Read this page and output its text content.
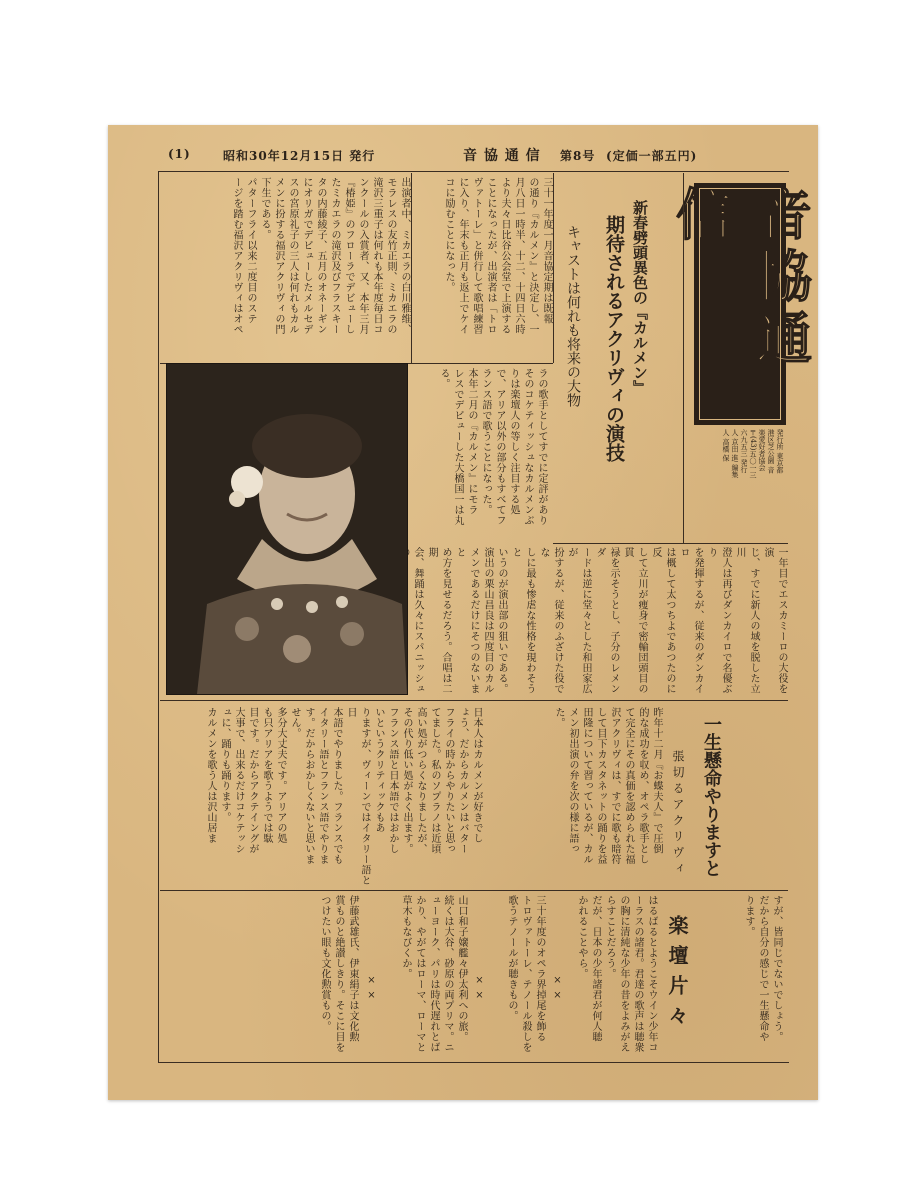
(1)	昭和30年12月15日 発行	音 協 通 信 第8号 (定価一部五円)
音協通信
発行所 東京都港区芝公園 音楽愛好者協会 〒(43)五〇一三 六九五三 発行人 京田 進 編集人 高橋 保
新春劈頭異色の『カルメン』
期待されるアクリヴィの演技
キャストは何れも将来の大物
三十一年度一月音協定期は既報
の通り『カルメン』と決定し、一
月八日一時半、十二、十四日六時
より夫々日比谷公会堂で上演する
ことになったが、出演者は「トロ
ヴァトーレ」と併行して歌唱練習
に入り、年末も正月も返上でケイ
コに励むことになった。
出演者中、ミカエラの白川雅维、
モラレスの友竹正則、ミカエラの
滝沢三重子は何れも本年度毎日コ
ンクールの入賞者、又、本年三月
『椿姫』のフローラでデビューし
たミカエラの滝沢及びフラスキー
タの内藤綾子、五月のオネーギン
にオリガでデビューしたメルセデ
スの宮原礼子の三人は何れもカル
メンに扮する福沢アクリヴィの門
下生である。
パターフライ以来二度目のステ
ージを踏む福沢アクリヴィはオペ
ラの歌手としてすでに定評があり
そのコケティッシュなカルメンぶ
りは楽壇人の等しく注目する処
で、アリア以外の部分もすべてフ
ランス語で歌うことになった。
本年二月の『カルメン』にモラ
レスでデビューした大橋国一は丸
る。
一年目でエスカミーロの大役を演
じ、すでに新人の域を脱した立川
澄人は再びダンカイロで名優ぶり
を発揮するが、従来のダンカイロ
は概して太つちよであつたのに反
して立川が痩身で密輸団頭目の貫
禄を示そうとし、子分のレメンダ
ードは逆に堂々とした和田家広が
扮するが、従来のふざけた役でな
しに最も惨虐な性格を現わそうと
いうのが演出部の狙いである。
演出の栗山昌良は四度目のカル
メンであるだけにそつのないまと
め方を見せるだろう。合唱は二期
会、舞踊は久々にスパニッシュ

一生懸命やりますと
張切るアクリヴィ
昨年十二月『お蝶夫人』で圧倒
的な成功を収め、オペラ歌手とし
て完全にその真価を認められた福
沢アクリヴィは、すでに歌も暗符
して目下カスタネットの踊りを益
田隆について習っているが、カル
メン初出演の弁を次の様に語っ
た。
日本人はカルメンが好きでし
ょう、だからカルメンはバター
フライの時からやりたいと思っ
てました。私のソプラノは近頃
高い処がつらくなりましたが、
その代り低い処がよく出ます。
フランス語と日本語ではおかし
いというクリティックもあ
りますが、ヴィーンではイタリー語と日
本語でやりました。フランスでも
イタリー語とフランス語でやりま
す。だからおかしくないと思いま
せん。
多分大丈夫です。アリアの処
も只アリアを歌うようでは駄
目です。だからアクテイングが
大事で、出来るだけコケテッシ
ュに、踊りも踊ります。
カルメンを歌う人は沢山居ま
すが、皆同じでないでしょう。
だから自分の感じで一生懸命や
ります。
楽壇片々
はるばるとようこそウイン少年コ
ーラスの諸君。君達の歌声は聴衆
の胸に清純な少年の昔をよみがえ
らすことだろう。
だが、日本の少年諸君が何人聴
かれることやら。
× ×
三十年度のオペラ界掉尾を飾る
トロヴァトーレ、テノール殺しを
歌うテノールが聴きもの。
× ×
山口和子嬢艦々伊太利への旅。
続くは大谷、砂原の両プリマ。ニ
ューヨーク、パリは時代遅れとば
かり、やがてはローマ、ローマと
草木もなびくか。
× ×
伊藤武雄氏、伊東絹子は文化勲
賞ものと絶讃しきり。そこに目を
つけたい眼も文化勲賞もの。
